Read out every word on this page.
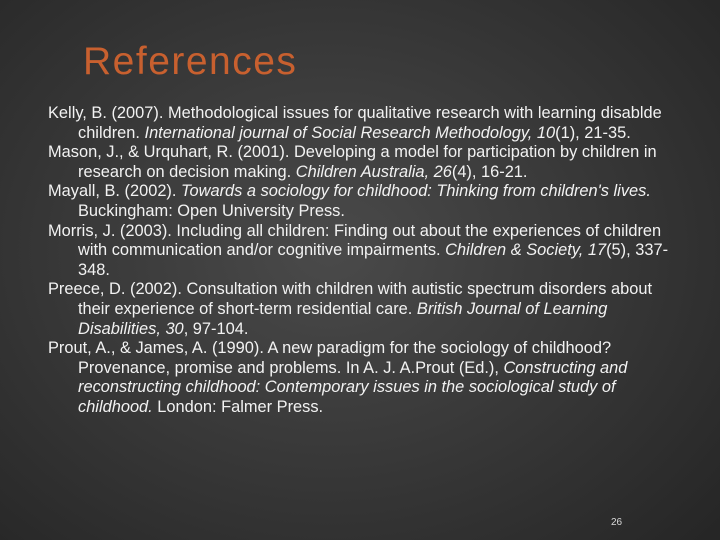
References

Kelly, B. (2007). Methodological issues for qualitative research with learning disablde children. International journal of Social Research Methodology, 10(1), 21-35.

Mason, J., & Urquhart, R. (2001). Developing a model for participation by children in research on decision making. Children Australia, 26(4), 16-21.

Mayall, B. (2002). Towards a sociology for childhood: Thinking from children's lives. Buckingham: Open University Press.

Morris, J. (2003). Including all children: Finding out about the experiences of children with communication and/or cognitive impairments. Children & Society, 17(5), 337-348.

Preece, D. (2002). Consultation with children with autistic spectrum disorders about their experience of short-term residential care. British Journal of Learning Disabilities, 30, 97-104.

Prout, A., & James, A. (1990). A new paradigm for the sociology of childhood? Provenance, promise and problems. In A. J. A.Prout (Ed.), Constructing and reconstructing childhood: Contemporary issues in the sociological study of childhood. London: Falmer Press.

26
